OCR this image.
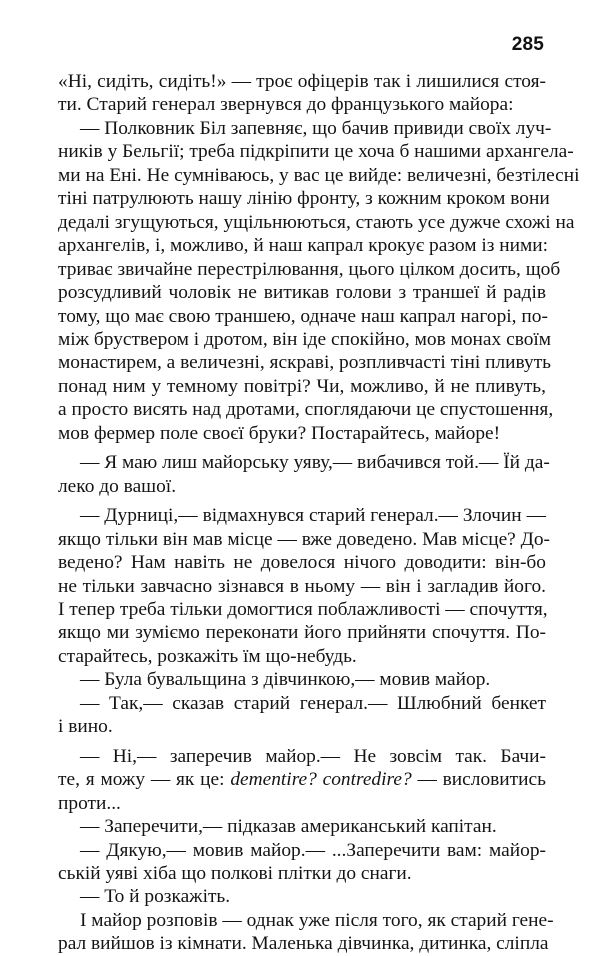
285
«Ні, сидіть, сидіть!» — троє офіцерів так і лишилися стоя-
ти. Старий генерал звернувся до французького майора:
— Полковник Біл запевняє, що бачив привиди своїх луч-
ників у Бельгії; треба підкріпити це хоча б нашими архангела-
ми на Ені. Не сумніваюсь, у вас це вийде: величезні, безтілесні
тіні патрулюють нашу лінію фронту, з кожним кроком вони
дедалі згущуються, ущільнюються, стають усе дужче схожі на
архангелів, і, можливо, й наш капрал крокує разом із ними:
триває звичайне перестрілювання, цього цілком досить, щоб
розсудливий чоловік не витикав голови з траншеї й радів
тому, що має свою траншею, одначе наш капрал нагорі, по-
між бруствером і дротом, він іде спокійно, мов монах своїм
монастирем, а величезні, яскраві, розпливчасті тіні пливуть
понад ним у темному повітрі? Чи, можливо, й не пливуть,
а просто висять над дротами, споглядаючи це спустошення,
мов фермер поле своєї бруки? Постарайтесь, майоре!
— Я маю лиш майорську уяву,— вибачився той.— Їй да-
леко до вашої.
— Дурниці,— відмахнувся старий генерал.— Злочин —
якщо тільки він мав місце — вже доведено. Мав місце? До-
ведено? Нам навіть не довелося нічого доводити: він-бо
не тільки завчасно зізнався в ньому — він і загладив його.
І тепер треба тільки домогтися поблажливості — спочуття,
якщо ми зуміємо переконати його прийняти спочуття. По-
старайтесь, розкажіть їм що-небудь.
— Була бувальщина з дівчинкою,— мовив майор.
— Так,— сказав старий генерал.— Шлюбний бенкет
і вино.
— Ні,— заперечив майор.— Не зовсім так. Бачи-
те, я можу — як це: dementire? contredire? — висловитись
проти...
— Заперечити,— підказав американський капітан.
— Дякую,— мовив майор.— ...Заперечити вам: майор-
ській уяві хіба що полкові плітки до снаги.
— То й розкажіть.
І майор розповів — однак уже після того, як старий гене-
рал вийшов із кімнати. Маленька дівчинка, дитинка, сліпла
